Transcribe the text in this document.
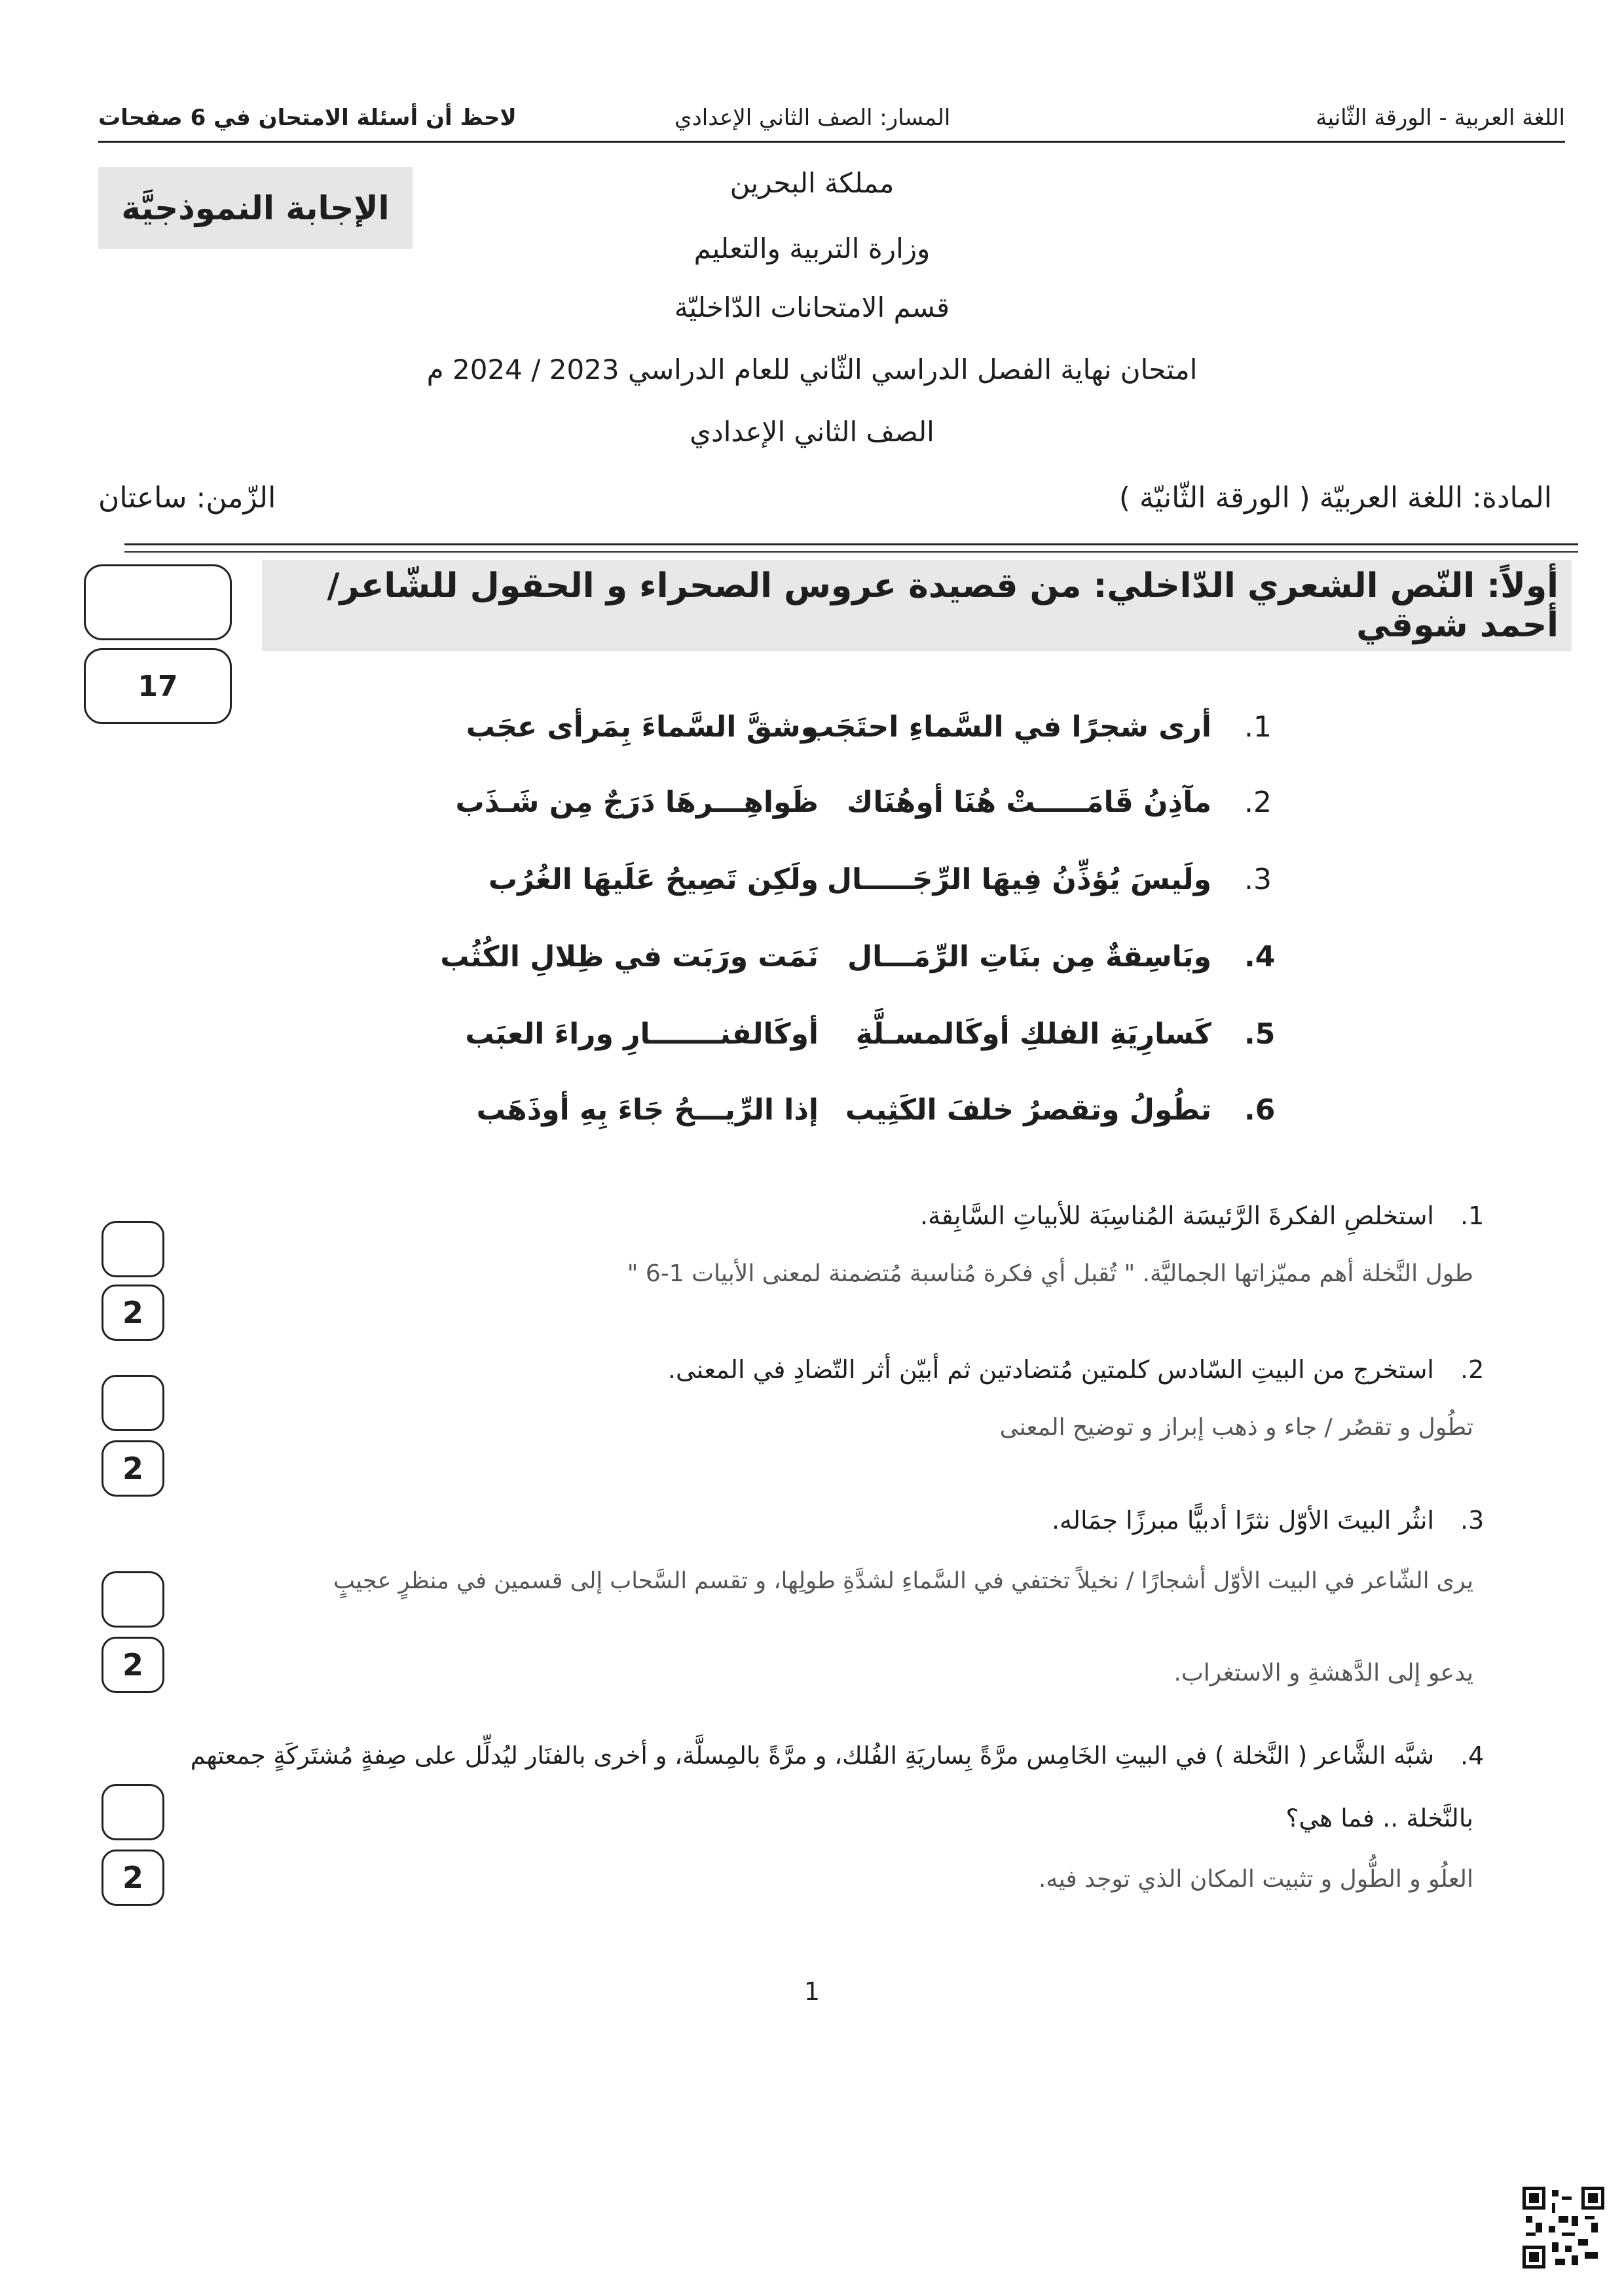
اللغة العربية - الورقة الثّانية
المسار: الصف الثاني الإعدادي
لاحظ أن أسئلة الامتحان في 6 صفحات
الإجابة النموذجيَّة
مملكة البحرين
وزارة التربية والتعليم
قسم الامتحانات الدّاخليّة
امتحان نهاية الفصل الدراسي الثّاني للعام الدراسي 2023 / 2024 م
الصف الثاني الإعدادي
المادة: اللغة العربيّة ( الورقة الثّانيّة )
الزّمن: ساعتان
أولاً: النّص الشعري الدّاخلي: من قصيدة عروس الصحراء و الحقول للشّاعر/ أحمد شوقي
17
1.
أرى شجرًا في السَّماءِ احتَجَب
وشقَّ السَّماءَ بِمَرأى عجَب
2.
مآذِنُ قَامَـــــتْ هُنَا أوهُنَاك
ظَواهِـــرهَا دَرَجٌ مِن شَـذَب
3.
ولَيسَ يُؤذِّنُ فِيهَا الرِّجَـــــال
ولَكِن تَصِيحُ عَلَيهَا الغُرُب
4.
وبَاسِقةٌ مِن بنَاتِ الرِّمَـــال
نَمَت ورَبَت في ظِلالِ الكُثُب
5.
كَسارِيَةِ الفلكِ أوكَالمسـلَّةِ
أوكَالفنـــــــارِ وراءَ العبَب
6.
تطُولُ وتقصرُ خلفَ الكَثِيب
إذا الرِّيـــحُ جَاءَ بِهِ أوذَهَب
1.
استخلصِ الفكرةَ الرَّئيسَة المُناسِبَة للأبياتِ السَّابِقة.
طول النَّخلة أهم مميّزاتها الجماليَّة. " تُقبل أي فكرة مُناسبة مُتضمنة لمعنى الأبيات 1-6 "
2
2.
استخرج من البيتِ السّادس كلمتين مُتضادتين ثم أبيّن أثر التّضادِ في المعنى.
تطُول و تقصُر / جاء و ذهب إبراز و توضيح المعنى
2
3.
انثُر البيتَ الأوّل نثرًا أدبيًّا مبرزًا جمَاله.
يرى الشّاعر في البيت الأوّل أشجارًا / نخيلاً تختفي في السَّماءِ لشدَّةِ طولِها، و تقسم السَّحاب إلى قسمين في منظرٍ عجيبٍ
يدعو إلى الدَّهشةِ و الاستغراب.
2
4.
شبَّه الشَّاعر ( النَّخلة ) في البيتِ الخَامِس مرَّةً بِساريَةِ الفُلك، و مرَّةً بالمِسلَّة، و أخرى بالفنَار ليُدلِّل على صِفةٍ مُشتَركَةٍ جمعتهم
بالنَّخلة .. فما هي؟
العلُو و الطُّول و تثبيت المكان الذي توجد فيه.
2
1
